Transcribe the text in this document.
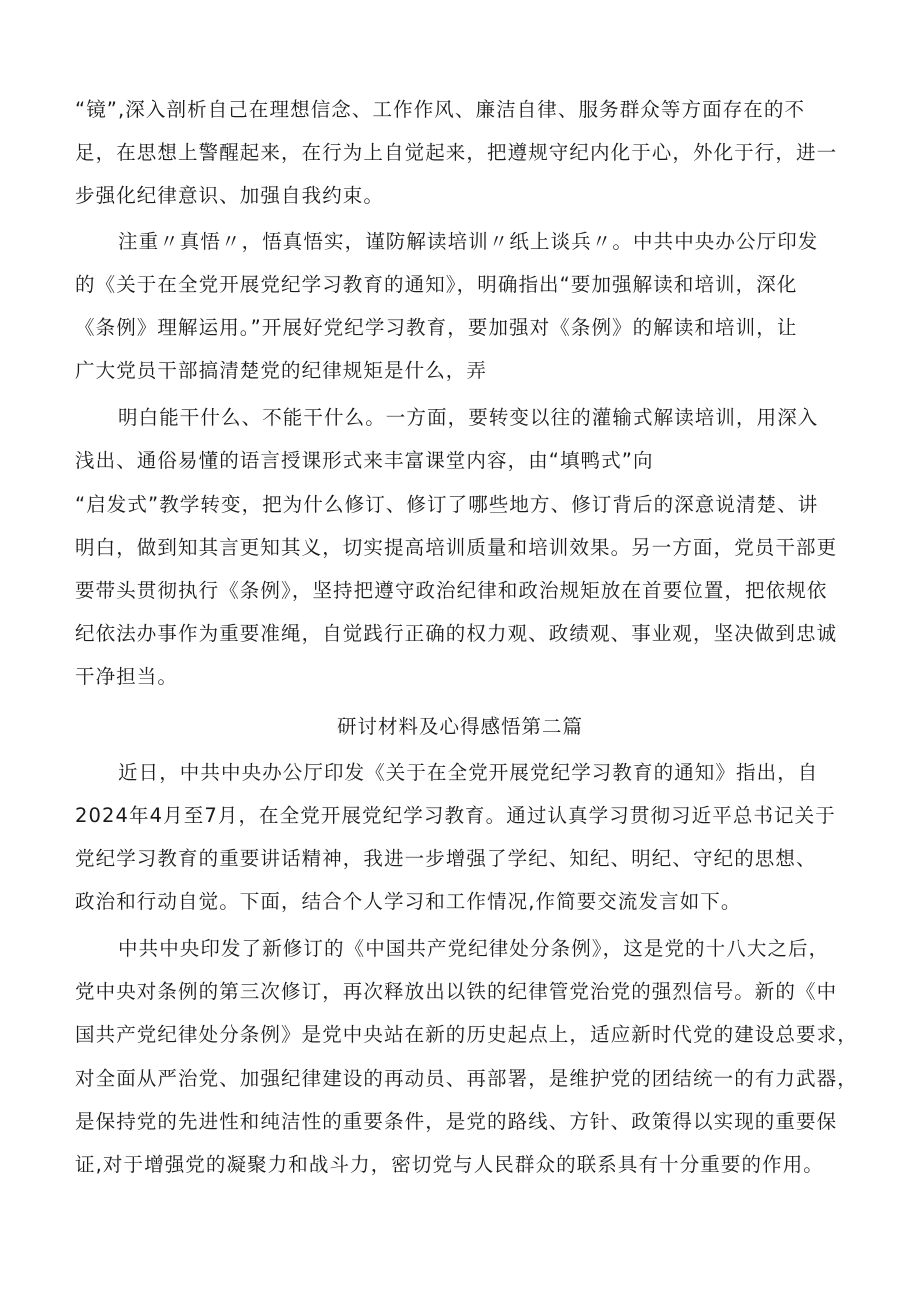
“镜”,深入剖析自己在理想信念、工作作风、廉洁自律、服务群众等方面存在的不
足，在思想上警醒起来，在行为上自觉起来，把遵规守纪内化于心，外化于行，进一
步强化纪律意识、加强自我约束。
注重〃真悟〃，悟真悟实，谨防解读培训〃纸上谈兵〃。中共中央办公厅印发
的《关于在全党开展党纪学习教育的通知》，明确指出“要加强解读和培训，深化
《条例》理解运用。”开展好党纪学习教育，要加强对《条例》的解读和培训，让
广大党员干部搞清楚党的纪律规矩是什么，弄
明白能干什么、不能干什么。一方面，要转变以往的灌输式解读培训，用深入
浅出、通俗易懂的语言授课形式来丰富课堂内容，由“填鸭式”向
“启发式”教学转变，把为什么修订、修订了哪些地方、修订背后的深意说清楚、讲
明白，做到知其言更知其义，切实提高培训质量和培训效果。另一方面，党员干部更
要带头贯彻执行《条例》，坚持把遵守政治纪律和政治规矩放在首要位置，把依规依
纪依法办事作为重要准绳，自觉践行正确的权力观、政绩观、事业观，坚决做到忠诚
干净担当。
研讨材料及心得感悟第二篇
近日，中共中央办公厅印发《关于在全党开展党纪学习教育的通知》指出，自
2024年4月至7月，在全党开展党纪学习教育。通过认真学习贯彻习近平总书记关于
党纪学习教育的重要讲话精神，我进一步增强了学纪、知纪、明纪、守纪的思想、
政治和行动自觉。下面，结合个人学习和工作情况,作简要交流发言如下。
中共中央印发了新修订的《中国共产党纪律处分条例》，这是党的十八大之后，
党中央对条例的第三次修订，再次释放出以铁的纪律管党治党的强烈信号。新的《中
国共产党纪律处分条例》是党中央站在新的历史起点上，适应新时代党的建设总要求，
对全面从严治党、加强纪律建设的再动员、再部署，是维护党的团结统一的有力武器，
是保持党的先进性和纯洁性的重要条件，是党的路线、方针、政策得以实现的重要保
证,对于增强党的凝聚力和战斗力，密切党与人民群众的联系具有十分重要的作用。
